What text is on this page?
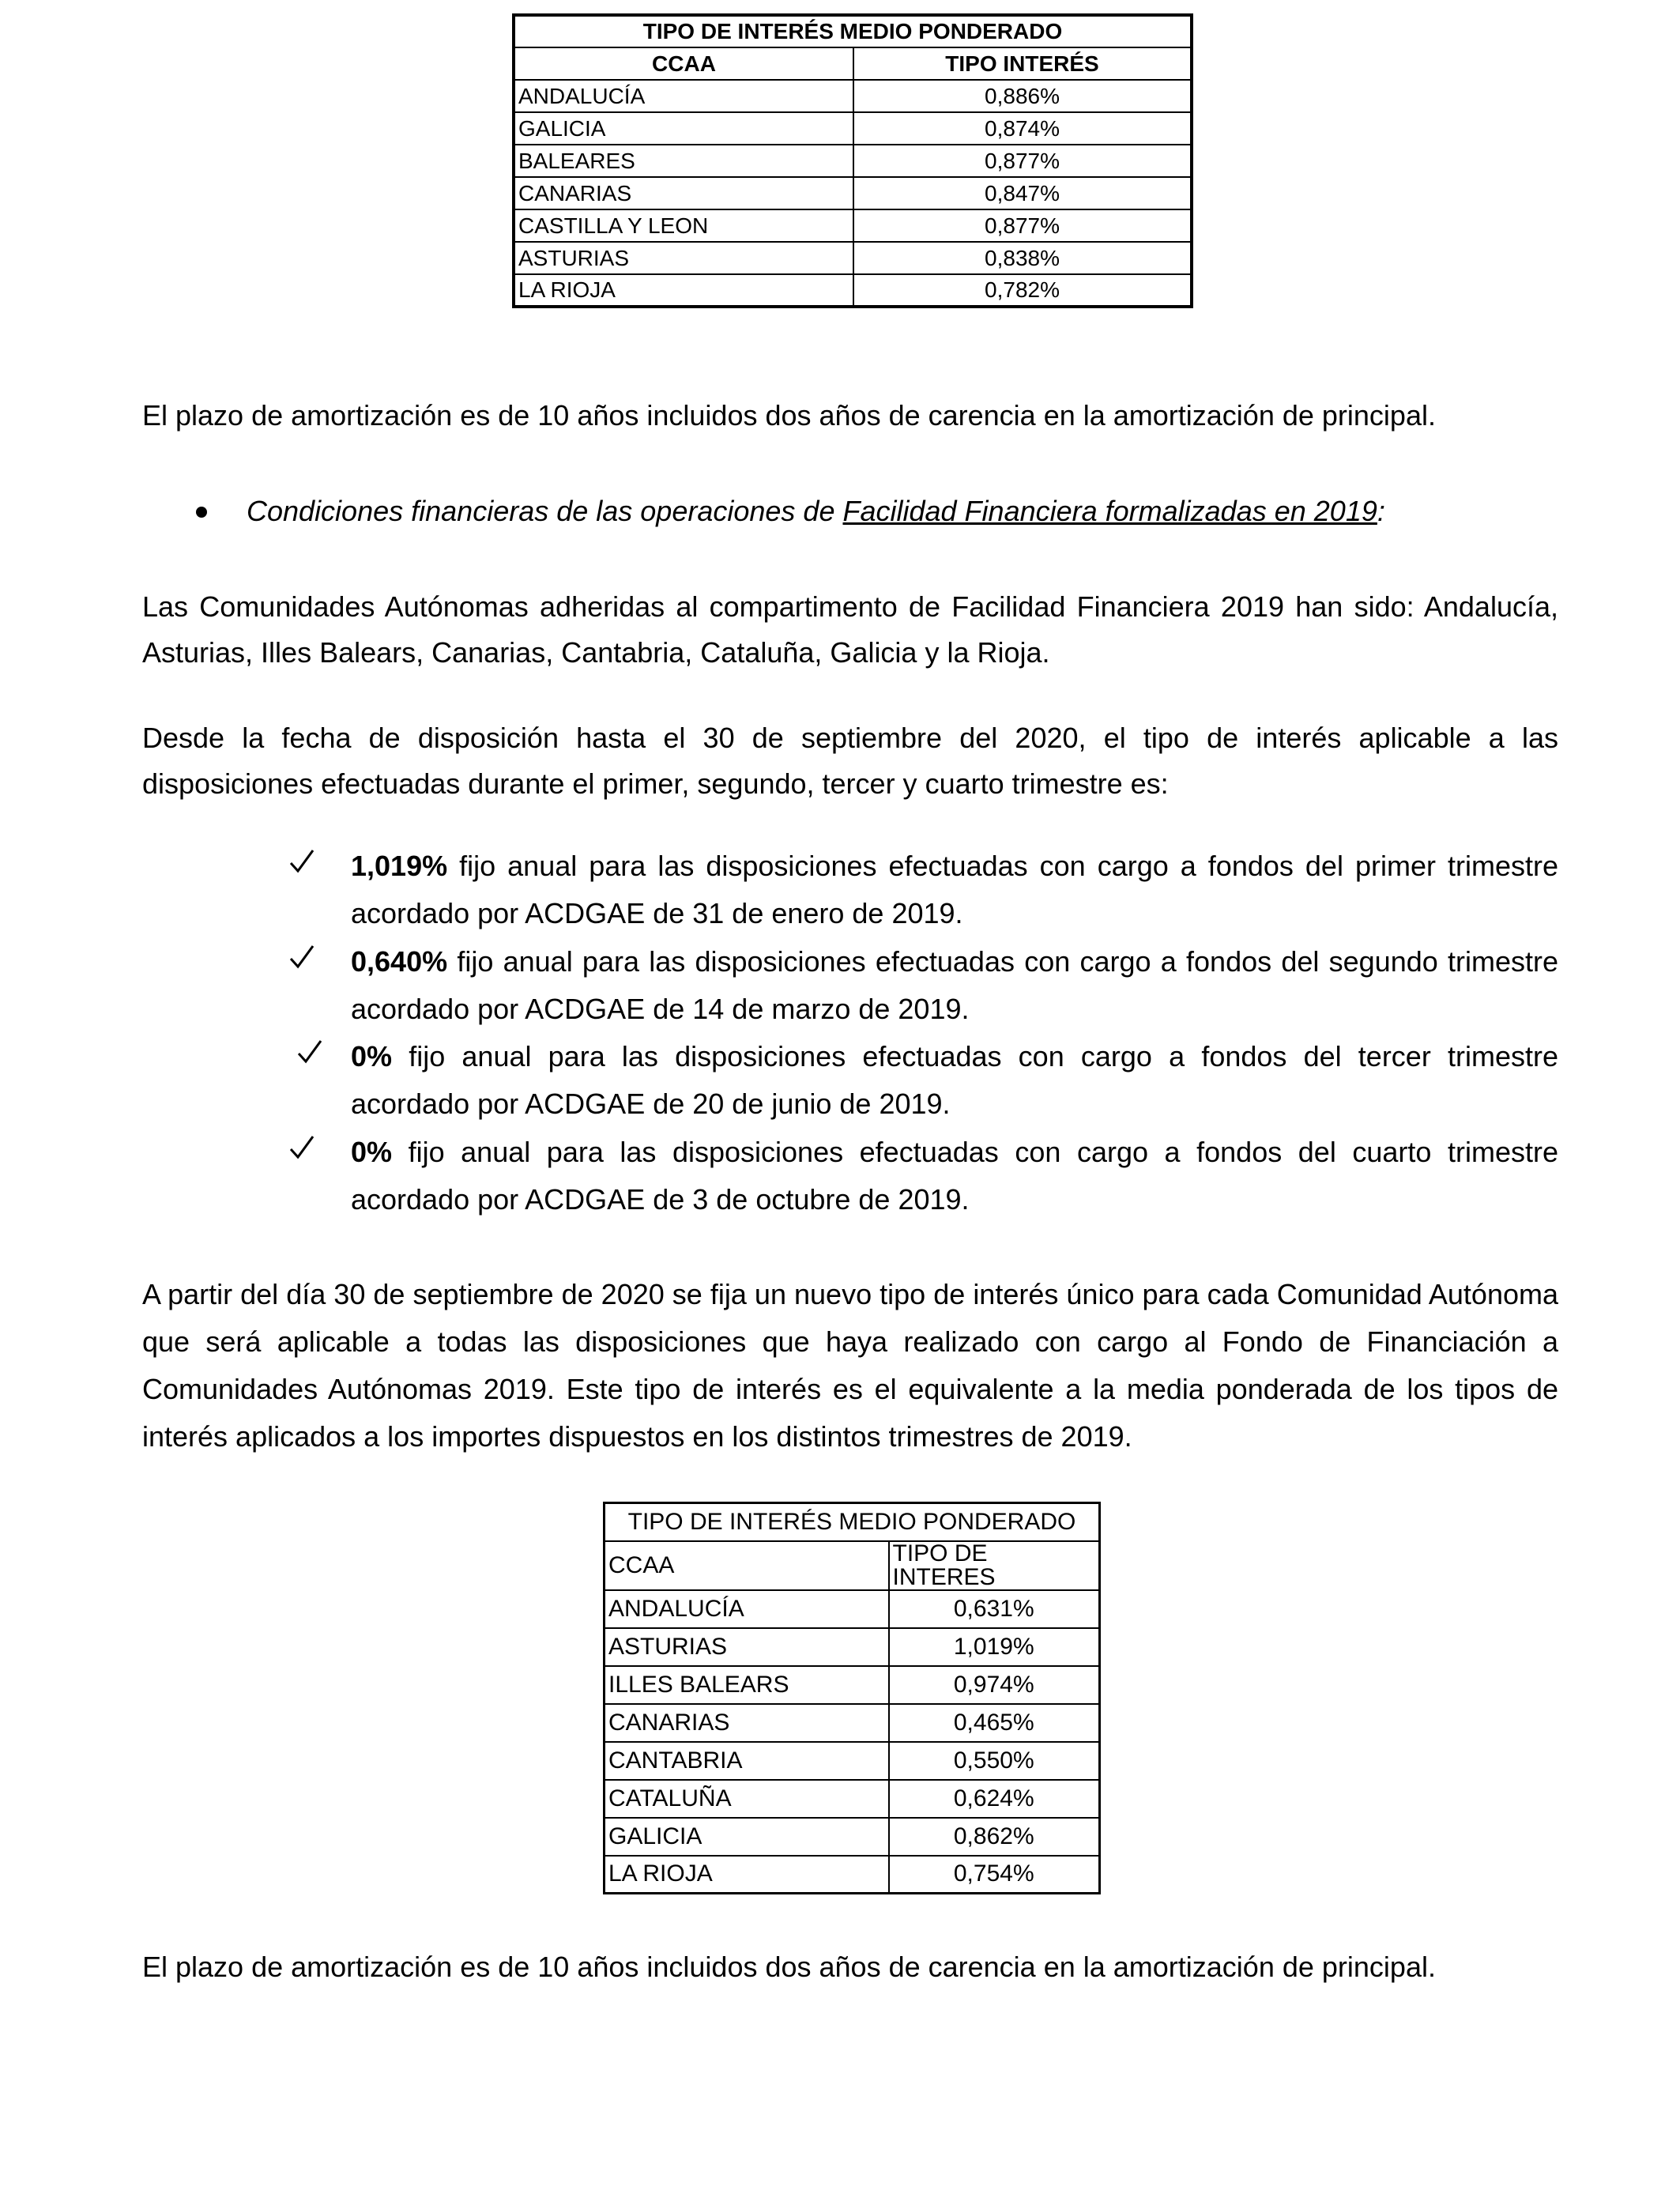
TIPO DE INTERÉS MEDIO PONDERADO	
CCAA	TIPO INTERÉS
ANDALUCÍA	0,886%
GALICIA	0,874%
BALEARES	0,877%
CANARIAS	0,847%
CASTILLA Y LEON	0,877%
ASTURIAS	0,838%
LA RIOJA	0,782%
El plazo de amortización es de 10 años incluidos dos años de carencia en la amortización de principal.
Condiciones financieras de las operaciones de Facilidad Financiera formalizadas en 2019:
Las Comunidades Autónomas adheridas al compartimento de Facilidad Financiera 2019 han sido: Andalucía, Asturias, Illes Balears, Canarias, Cantabria, Cataluña, Galicia y la Rioja.
Desde la fecha de disposición hasta el 30 de septiembre del 2020, el tipo de interés aplicable a las disposiciones efectuadas durante el primer, segundo, tercer y cuarto trimestre es:
1,019% fijo anual para las disposiciones efectuadas con cargo a fondos del primer trimestre acordado por ACDGAE de 31 de enero de 2019.
0,640% fijo anual para las disposiciones efectuadas con cargo a fondos del segundo trimestre acordado por ACDGAE de 14 de marzo de 2019.
0% fijo anual para las disposiciones efectuadas con cargo a fondos del tercer trimestre acordado por ACDGAE de 20 de junio de 2019.
0% fijo anual para las disposiciones efectuadas con cargo a fondos del cuarto trimestre acordado por ACDGAE de 3 de octubre de 2019.
A partir del día 30 de septiembre de 2020 se fija un nuevo tipo de interés único para cada Comunidad Autónoma que será aplicable a todas las disposiciones que haya realizado con cargo al Fondo de Financiación a Comunidades Autónomas 2019. Este tipo de interés es el equivalente a la media ponderada de los tipos de interés aplicados a los importes dispuestos en los distintos trimestres de 2019.
TIPO DE INTERÉS MEDIO PONDERADO	
CCAA	TIPO DE INTERES
ANDALUCÍA	0,631%
ASTURIAS	1,019%
ILLES BALEARS	0,974%
CANARIAS	0,465%
CANTABRIA	0,550%
CATALUÑA	0,624%
GALICIA	0,862%
LA RIOJA	0,754%
El plazo de amortización es de 10 años incluidos dos años de carencia en la amortización de principal.
